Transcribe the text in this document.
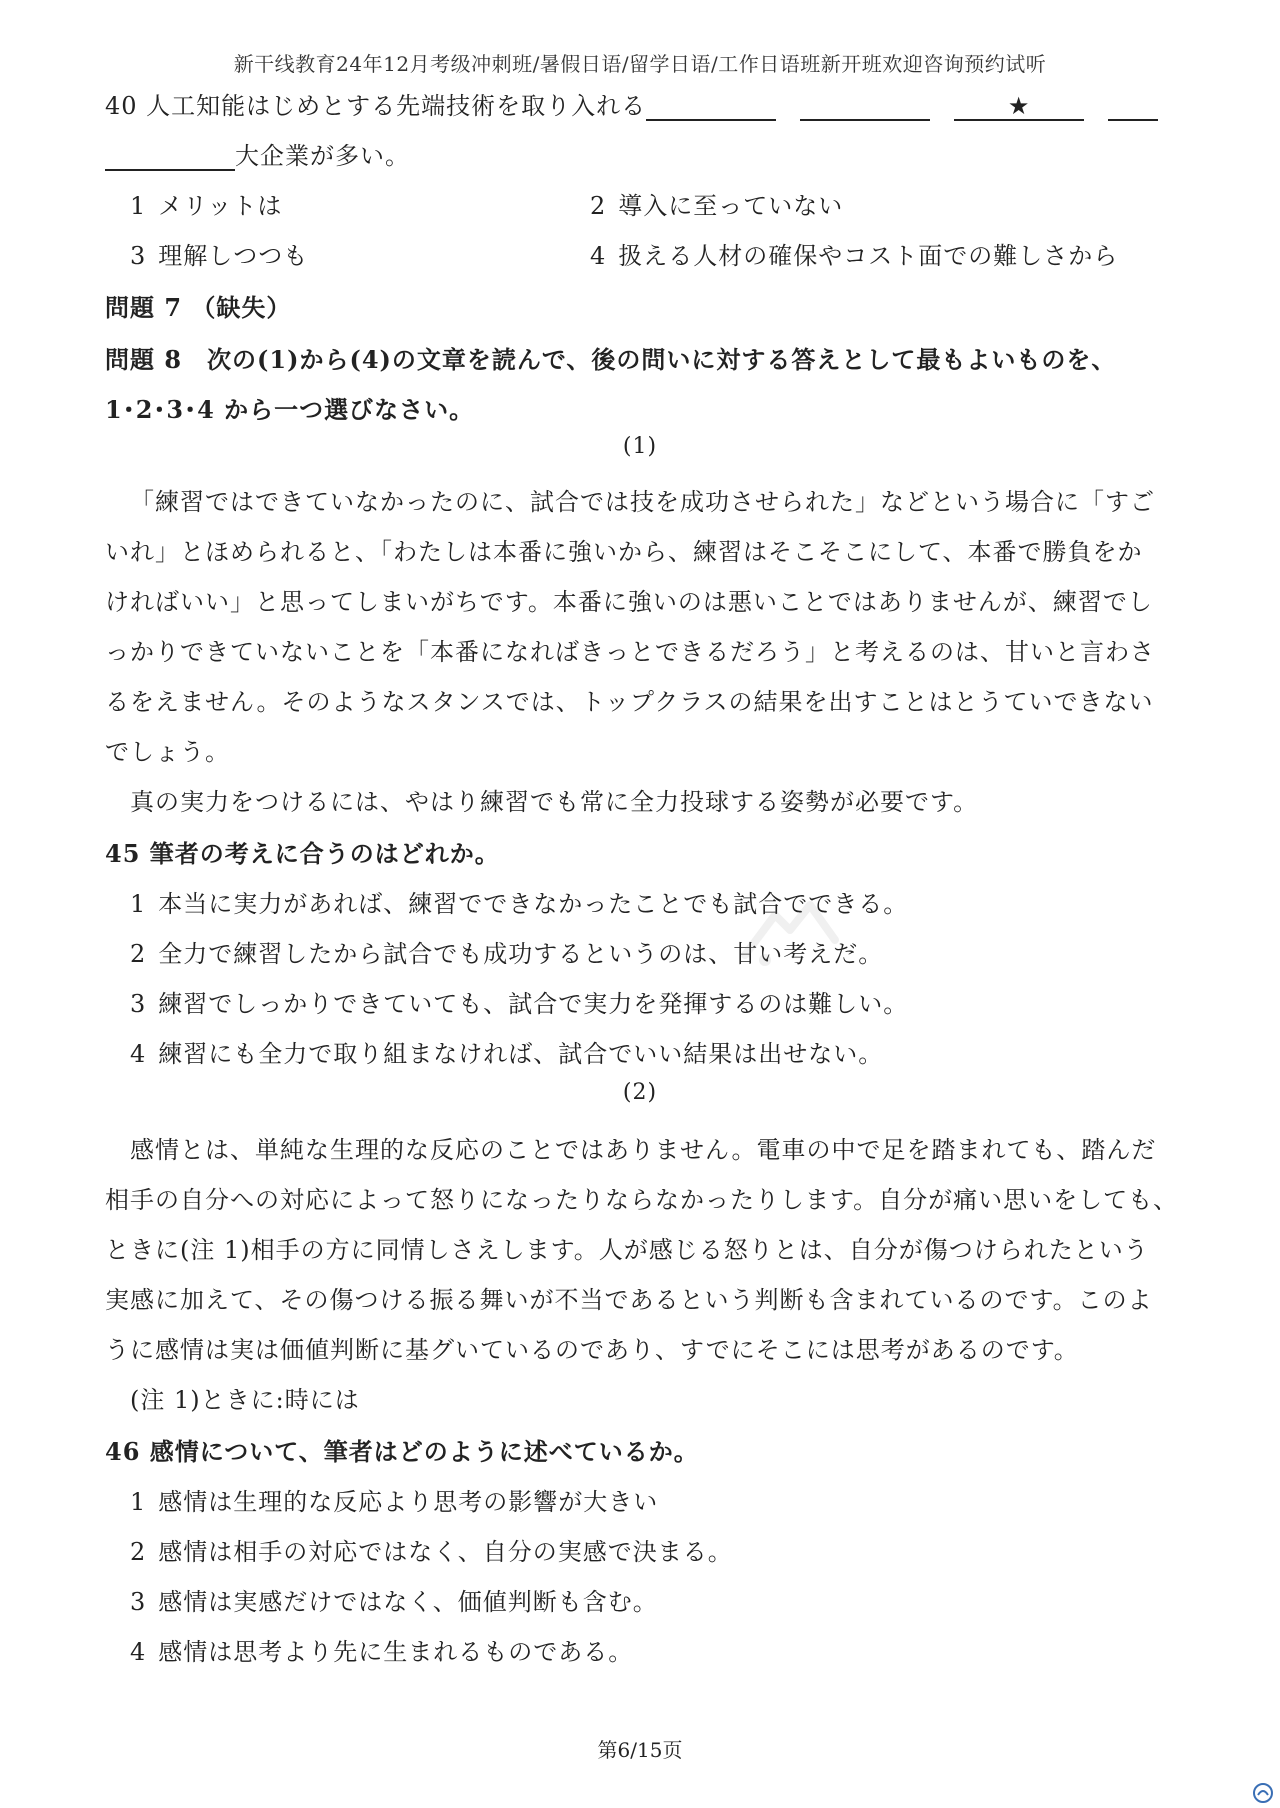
新干线教育24年12月考级冲刺班/暑假日语/留学日语/工作日语班新开班欢迎咨询预约试听
40 人工知能はじめとする先端技術を取り入れる	★
大企業が多い。
1 メリットは	2 導入に至っていない
3 理解しつつも	4 扱える人材の確保やコスト面での難しさから
問題 7 （缺失）
問題 8　次の(1)から(4)の文章を読んで、後の問いに対する答えとして最もよいものを、
1･2･3･4 から一つ選びなさい。
(1)
「練習ではできていなかったのに、試合では技を成功させられた」などという場合に「すご
いれ」とほめられると、「わたしは本番に強いから、練習はそこそこにして、本番で勝負をか
ければいい」と思ってしまいがちです。本番に強いのは悪いことではありませんが、練習でし
っかりできていないことを「本番になればきっとできるだろう」と考えるのは、甘いと言わさ
るをえません。そのようなスタンスでは、トップクラスの結果を出すことはとうていできない
でしょう。
真の実力をつけるには、やはり練習でも常に全力投球する姿勢が必要です。
45 筆者の考えに合うのはどれか。
1 本当に実力があれば、練習でできなかったことでも試合でできる。
2 全力で練習したから試合でも成功するというのは、甘い考えだ。
3 練習でしっかりできていても、試合で実力を発揮するのは難しい。
4 練習にも全力で取り組まなければ、試合でいい結果は出せない。
(2)
感情とは、単純な生理的な反応のことではありません。電車の中で足を踏まれても、踏んだ
相手の自分への対応によって怒りになったりならなかったりします。自分が痛い思いをしても、
ときに(注 1)相手の方に同情しさえします。人が感じる怒りとは、自分が傷つけられたという
実感に加えて、その傷つける振る舞いが不当であるという判断も含まれているのです。このよ
うに感情は実は価値判断に基グいているのであり、すでにそこには思考があるのです。
(注 1)ときに:時には
46 感情について、筆者はどのように述べているか。
1 感情は生理的な反応より思考の影響が大きい
2 感情は相手の対応ではなく、自分の実感で決まる。
3 感情は実感だけではなく、価値判断も含む。
4 感情は思考より先に生まれるものである。
第6/15页
